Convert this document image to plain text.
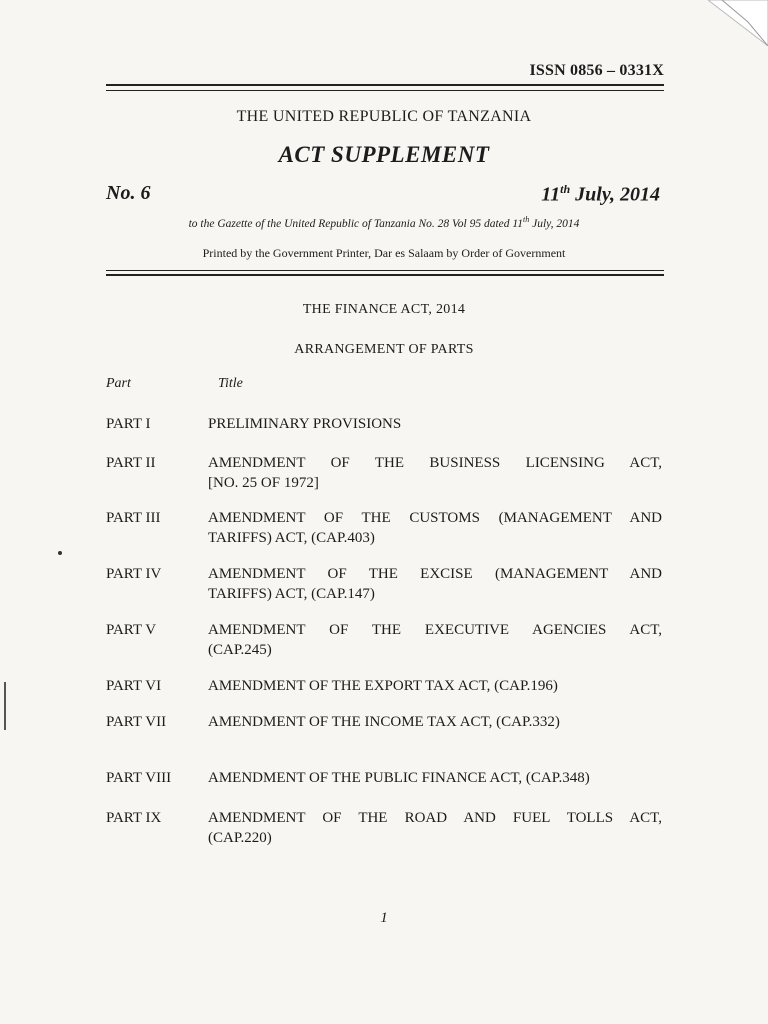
ISSN 0856 – 0331X
THE UNITED REPUBLIC OF TANZANIA
ACT SUPPLEMENT
No. 6	11th July, 2014
to the Gazette of the United Republic of Tanzania No. 28 Vol 95 dated 11th July, 2014
Printed by the Government Printer, Dar es Salaam by Order of Government
THE FINANCE ACT, 2014
ARRANGEMENT OF PARTS
Part	Title
PART I	PRELIMINARY PROVISIONS
PART II	AMENDMENT OF THE BUSINESS LICENSING ACT,
[NO. 25 OF 1972]
PART III	AMENDMENT OF THE CUSTOMS (MANAGEMENT AND
TARIFFS) ACT, (CAP.403)
PART IV	AMENDMENT OF THE EXCISE (MANAGEMENT AND
TARIFFS) ACT, (CAP.147)
PART V	AMENDMENT OF THE EXECUTIVE AGENCIES ACT,
(CAP.245)
PART VI	AMENDMENT OF THE EXPORT TAX ACT, (CAP.196)
PART VII	AMENDMENT OF THE INCOME TAX ACT, (CAP.332)
PART VIII	AMENDMENT OF THE PUBLIC FINANCE ACT, (CAP.348)
PART IX	AMENDMENT OF THE ROAD AND FUEL TOLLS ACT,
(CAP.220)
1
